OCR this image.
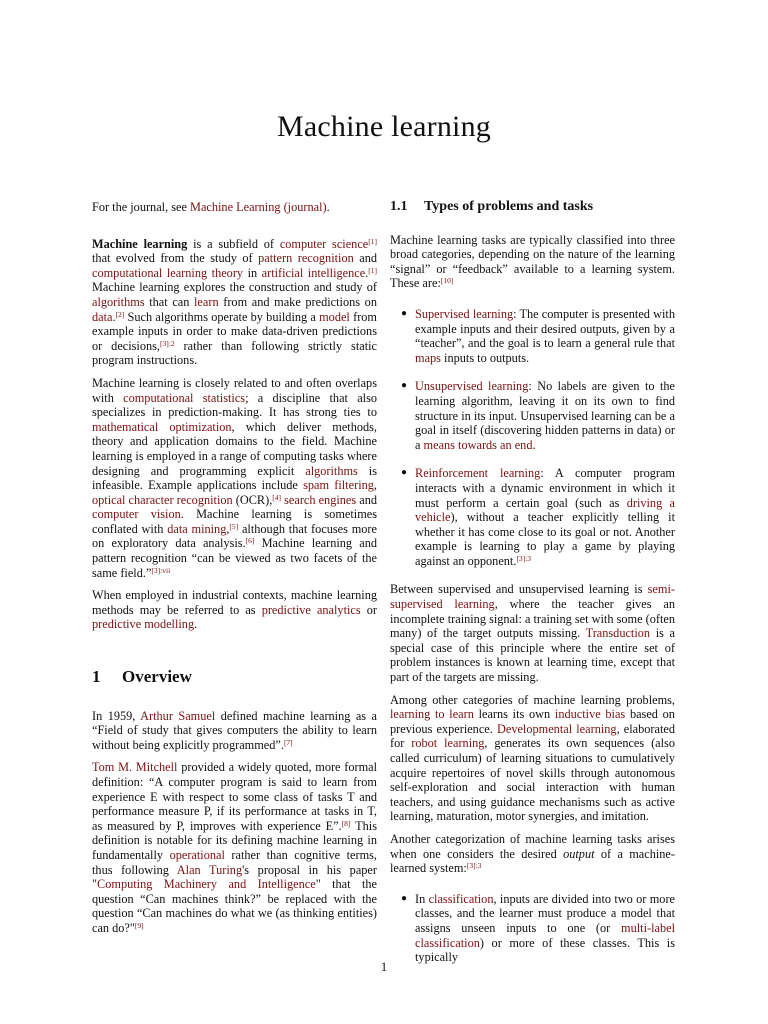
Machine learning

For the journal, see Machine Learning (journal).

Machine learning is a subfield of computer science[1] that evolved from the study of pattern recognition and computational learning theory in artificial intelligence.[1] Machine learning explores the construction and study of algorithms that can learn from and make predictions on data.[2] Such algorithms operate by building a model from example inputs in order to make data-driven predictions or decisions,$^{[3]:2}$ rather than following strictly static program instructions.

Machine learning is closely related to and often overlaps with computational statistics; a discipline that also specializes in prediction-making. It has strong ties to mathematical optimization, which deliver methods, theory and application domains to the field. Machine learning is employed in a range of computing tasks where designing and programming explicit algorithms is infeasible. Example applications include spam filtering, optical character recognition (OCR),[4] search engines and computer vision. Machine learning is sometimes conflated with data mining,[5] although that focuses more on exploratory data analysis.[6] Machine learning and pattern recognition “can be viewed as two facets of the same field.”$^{[3]:vii}$

When employed in industrial contexts, machine learning methods may be referred to as predictive analytics or predictive modelling.

1	Overview

In 1959, Arthur Samuel defined machine learning as a “Field of study that gives computers the ability to learn without being explicitly programmed”.[7]

Tom M. Mitchell provided a widely quoted, more formal definition: “A computer program is said to learn from experience E with respect to some class of tasks T and performance measure P, if its performance at tasks in T, as measured by P, improves with experience E”.[8] This definition is notable for its defining machine learning in fundamentally operational rather than cognitive terms, thus following Alan Turing's proposal in his paper "Computing Machinery and Intelligence" that the question “Can machines think?” be replaced with the question “Can machines do what we (as thinking entities) can do?"[9]

1.1	Types of problems and tasks

Machine learning tasks are typically classified into three broad categories, depending on the nature of the learning “signal” or “feedback” available to a learning system. These are:[10]

● Supervised learning: The computer is presented with example inputs and their desired outputs, given by a “teacher”, and the goal is to learn a general rule that maps inputs to outputs.
● Unsupervised learning: No labels are given to the learning algorithm, leaving it on its own to find structure in its input. Unsupervised learning can be a goal in itself (discovering hidden patterns in data) or a means towards an end.
● Reinforcement learning: A computer program interacts with a dynamic environment in which it must perform a certain goal (such as driving a vehicle), without a teacher explicitly telling it whether it has come close to its goal or not. Another example is learning to play a game by playing against an opponent.$^{[3]:3}$

Between supervised and unsupervised learning is semi-supervised learning, where the teacher gives an incomplete training signal: a training set with some (often many) of the target outputs missing. Transduction is a special case of this principle where the entire set of problem instances is known at learning time, except that part of the targets are missing.

Among other categories of machine learning problems, learning to learn learns its own inductive bias based on previous experience. Developmental learning, elaborated for robot learning, generates its own sequences (also called curriculum) of learning situations to cumulatively acquire repertoires of novel skills through autonomous self-exploration and social interaction with human teachers, and using guidance mechanisms such as active learning, maturation, motor synergies, and imitation.

Another categorization of machine learning tasks arises when one considers the desired output of a machine-learned system:$^{[3]:3}$

● In classification, inputs are divided into two or more classes, and the learner must produce a model that assigns unseen inputs to one (or multi-label classification) or more of these classes. This is typically
1
